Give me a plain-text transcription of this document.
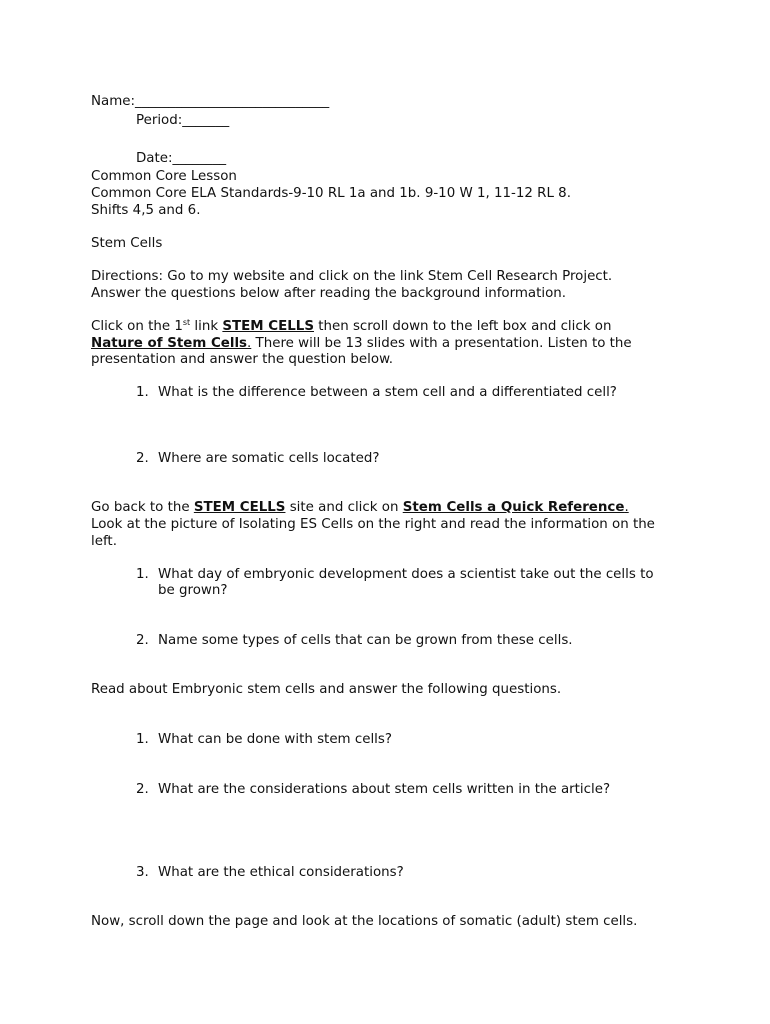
Name:_____________________________
Period:_______
Date:________
Common Core Lesson
Common Core ELA Standards-9-10 RL 1a and 1b. 9-10 W 1, 11-12 RL 8.
Shifts 4,5 and 6.
Stem Cells
Directions: Go to my website and click on the link Stem Cell Research Project.
Answer the questions below after reading the background information.
Click on the 1st link STEM CELLS then scroll down to the left box and click on
Nature of Stem Cells. There will be 13 slides with a presentation. Listen to the
presentation and answer the question below.
1. What is the difference between a stem cell and a differentiated cell?
2. Where are somatic cells located?
Go back to the STEM CELLS site and click on Stem Cells a Quick Reference.
Look at the picture of Isolating ES Cells on the right and read the information on the
left.
1. What day of embryonic development does a scientist take out the cells to
be grown?
2. Name some types of cells that can be grown from these cells.
Read about Embryonic stem cells and answer the following questions.
1. What can be done with stem cells?
2. What are the considerations about stem cells written in the article?
3. What are the ethical considerations?
Now, scroll down the page and look at the locations of somatic (adult) stem cells.
